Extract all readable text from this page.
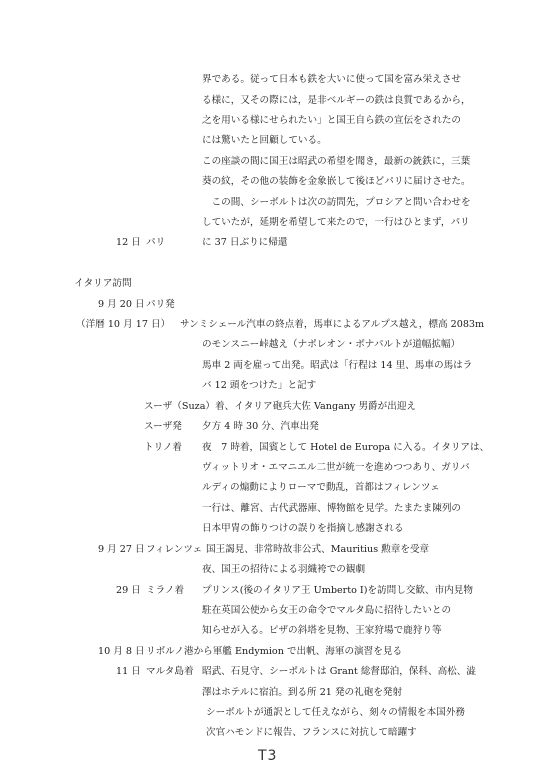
界である。従って日本も鉄を大いに使って国を富み栄えさせ
る様に，又その際には，是非ベルギーの鉄は良質であるから，
之を用いる様にせられたい」と国王自ら鉄の宣伝をされたの
には驚いたと回顧している。
この座談の間に国王は昭武の希望を聞き，最新の銃鉄に，三葉
葵の紋，その他の装飾を金象嵌して後ほどパリに届けさせた。
　この間、シーボルトは次の訪問先，プロシアと問い合わせを
していたが，延期を希望して来たので，一行はひとまず，パリ
12 日 パリ	に 37 日ぶりに帰還
イタリア訪問
9 月 20 日 パリ発
（洋暦 10 月 17 日） サンミシェール汽車の終点着，馬車によるアルプス越え，標高 2083m
のモンスニー峠越え（ナポレオン・ボナパルトが道幅拡幅）
馬車 2 両を雇って出発。昭武は「行程は 14 里、馬車の馬はラ
バ 12 頭をつけた」と記す
スーザ（Suza）着、イタリア砲兵大佐 Vangany 男爵が出迎え
スーザ発 夕方 4 時 30 分、汽車出発
トリノ着 夜　7 時着，国賓として Hotel de Europa に入る。イタリアは、
ヴィットリオ・エマニエル二世が統一を進めつつあり、ガリバ
ルディの煽動によりローマで動乱，首都はフィレンツェ
一行は、離宮、古代武器庫、博物館を見学。たまたま陳列の
日本甲冑の飾りつけの誤りを指摘し感謝される
9 月 27 日 フィレンツェ 国王謁見、非常時故非公式、Mauritius 勲章を受章
夜、国王の招待による羽織袴での観劇
29 日 ミラノ着 プリンス(後のイタリア王 Umberto I)を訪問し交歓、市内見物
駐在英国公使から女王の命令でマルタ島に招待したいとの
知らせが入る。ピザの斜塔を見物、王家狩場で鹿狩り等
10 月 8 日 リボルノ港から軍艦 Endymion で出帆、海軍の演習を見る
11 日 マルタ島着 昭武、石見守、シーボルトは Grant 総督邸泊，保科、高松、澁
澤はホテルに宿泊。到る所 21 発の礼砲を発射
シーボルトが通訳として任えながら、刻々の情報を本国外務
次官ハモンドに報告、フランスに対抗して暗躍す
T3
